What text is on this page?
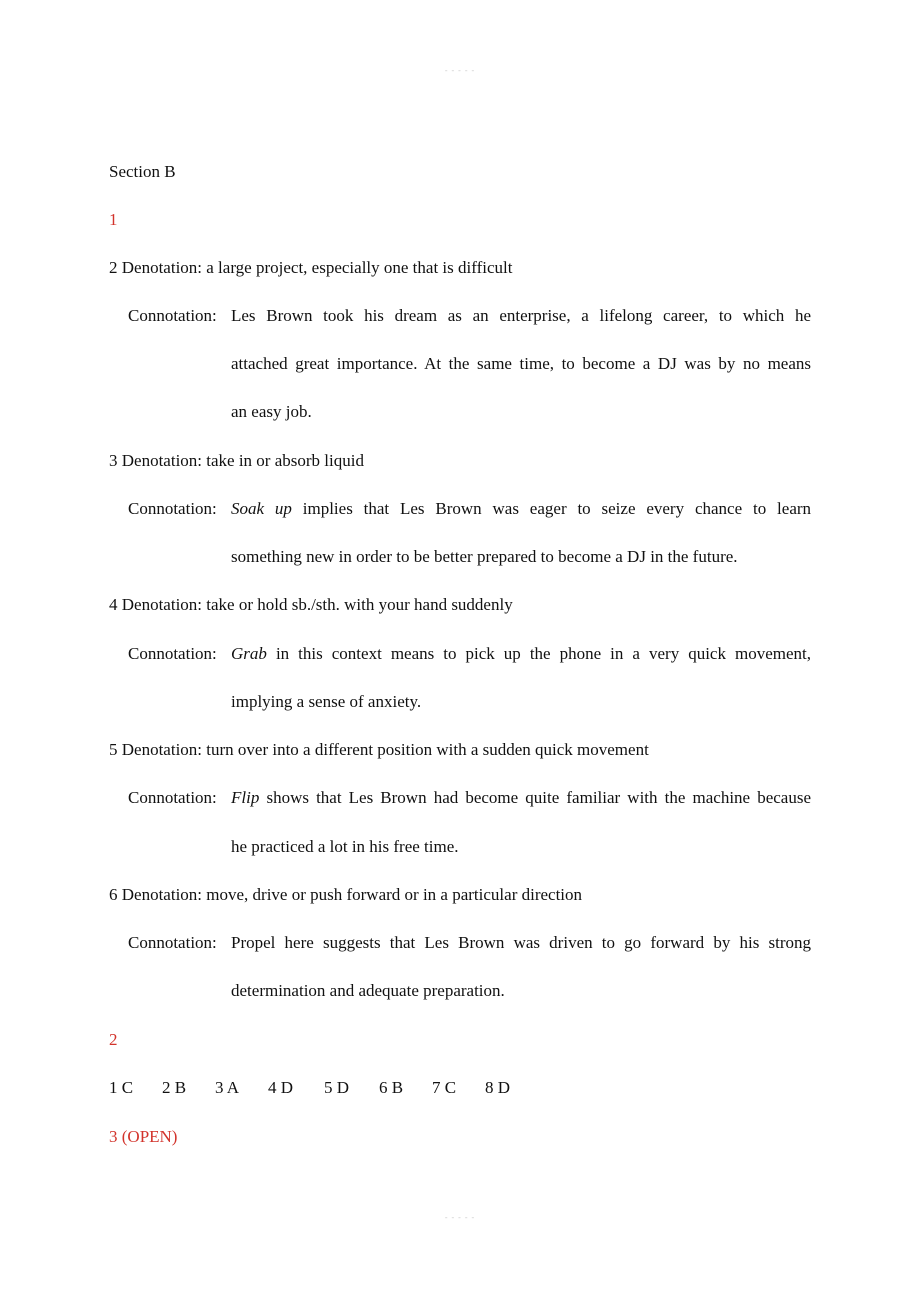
- - - - -
Section B
1
2 Denotation: a large project, especially one that is difficult
Connotation: Les Brown took his dream as an enterprise, a lifelong career, to which he
attached great importance. At the same time, to become a DJ was by no means
an easy job.
3 Denotation: take in or absorb liquid
Connotation: Soak up implies that Les Brown was eager to seize every chance to learn
something new in order to be better prepared to become a DJ in the future.
4 Denotation: take or hold sb./sth. with your hand suddenly
Connotation: Grab in this context means to pick up the phone in a very quick movement,
implying a sense of anxiety.
5 Denotation: turn over into a different position with a sudden quick movement
Connotation: Flip shows that Les Brown had become quite familiar with the machine because
he practiced a lot in his free time.
6 Denotation: move, drive or push forward or in a particular direction
Connotation: Propel here suggests that Les Brown was driven to go forward by his strong
determination and adequate preparation.
2
1 C 2 B 3 A 4 D 5 D 6 B 7 C 8 D
3 (OPEN)
- - - - -
